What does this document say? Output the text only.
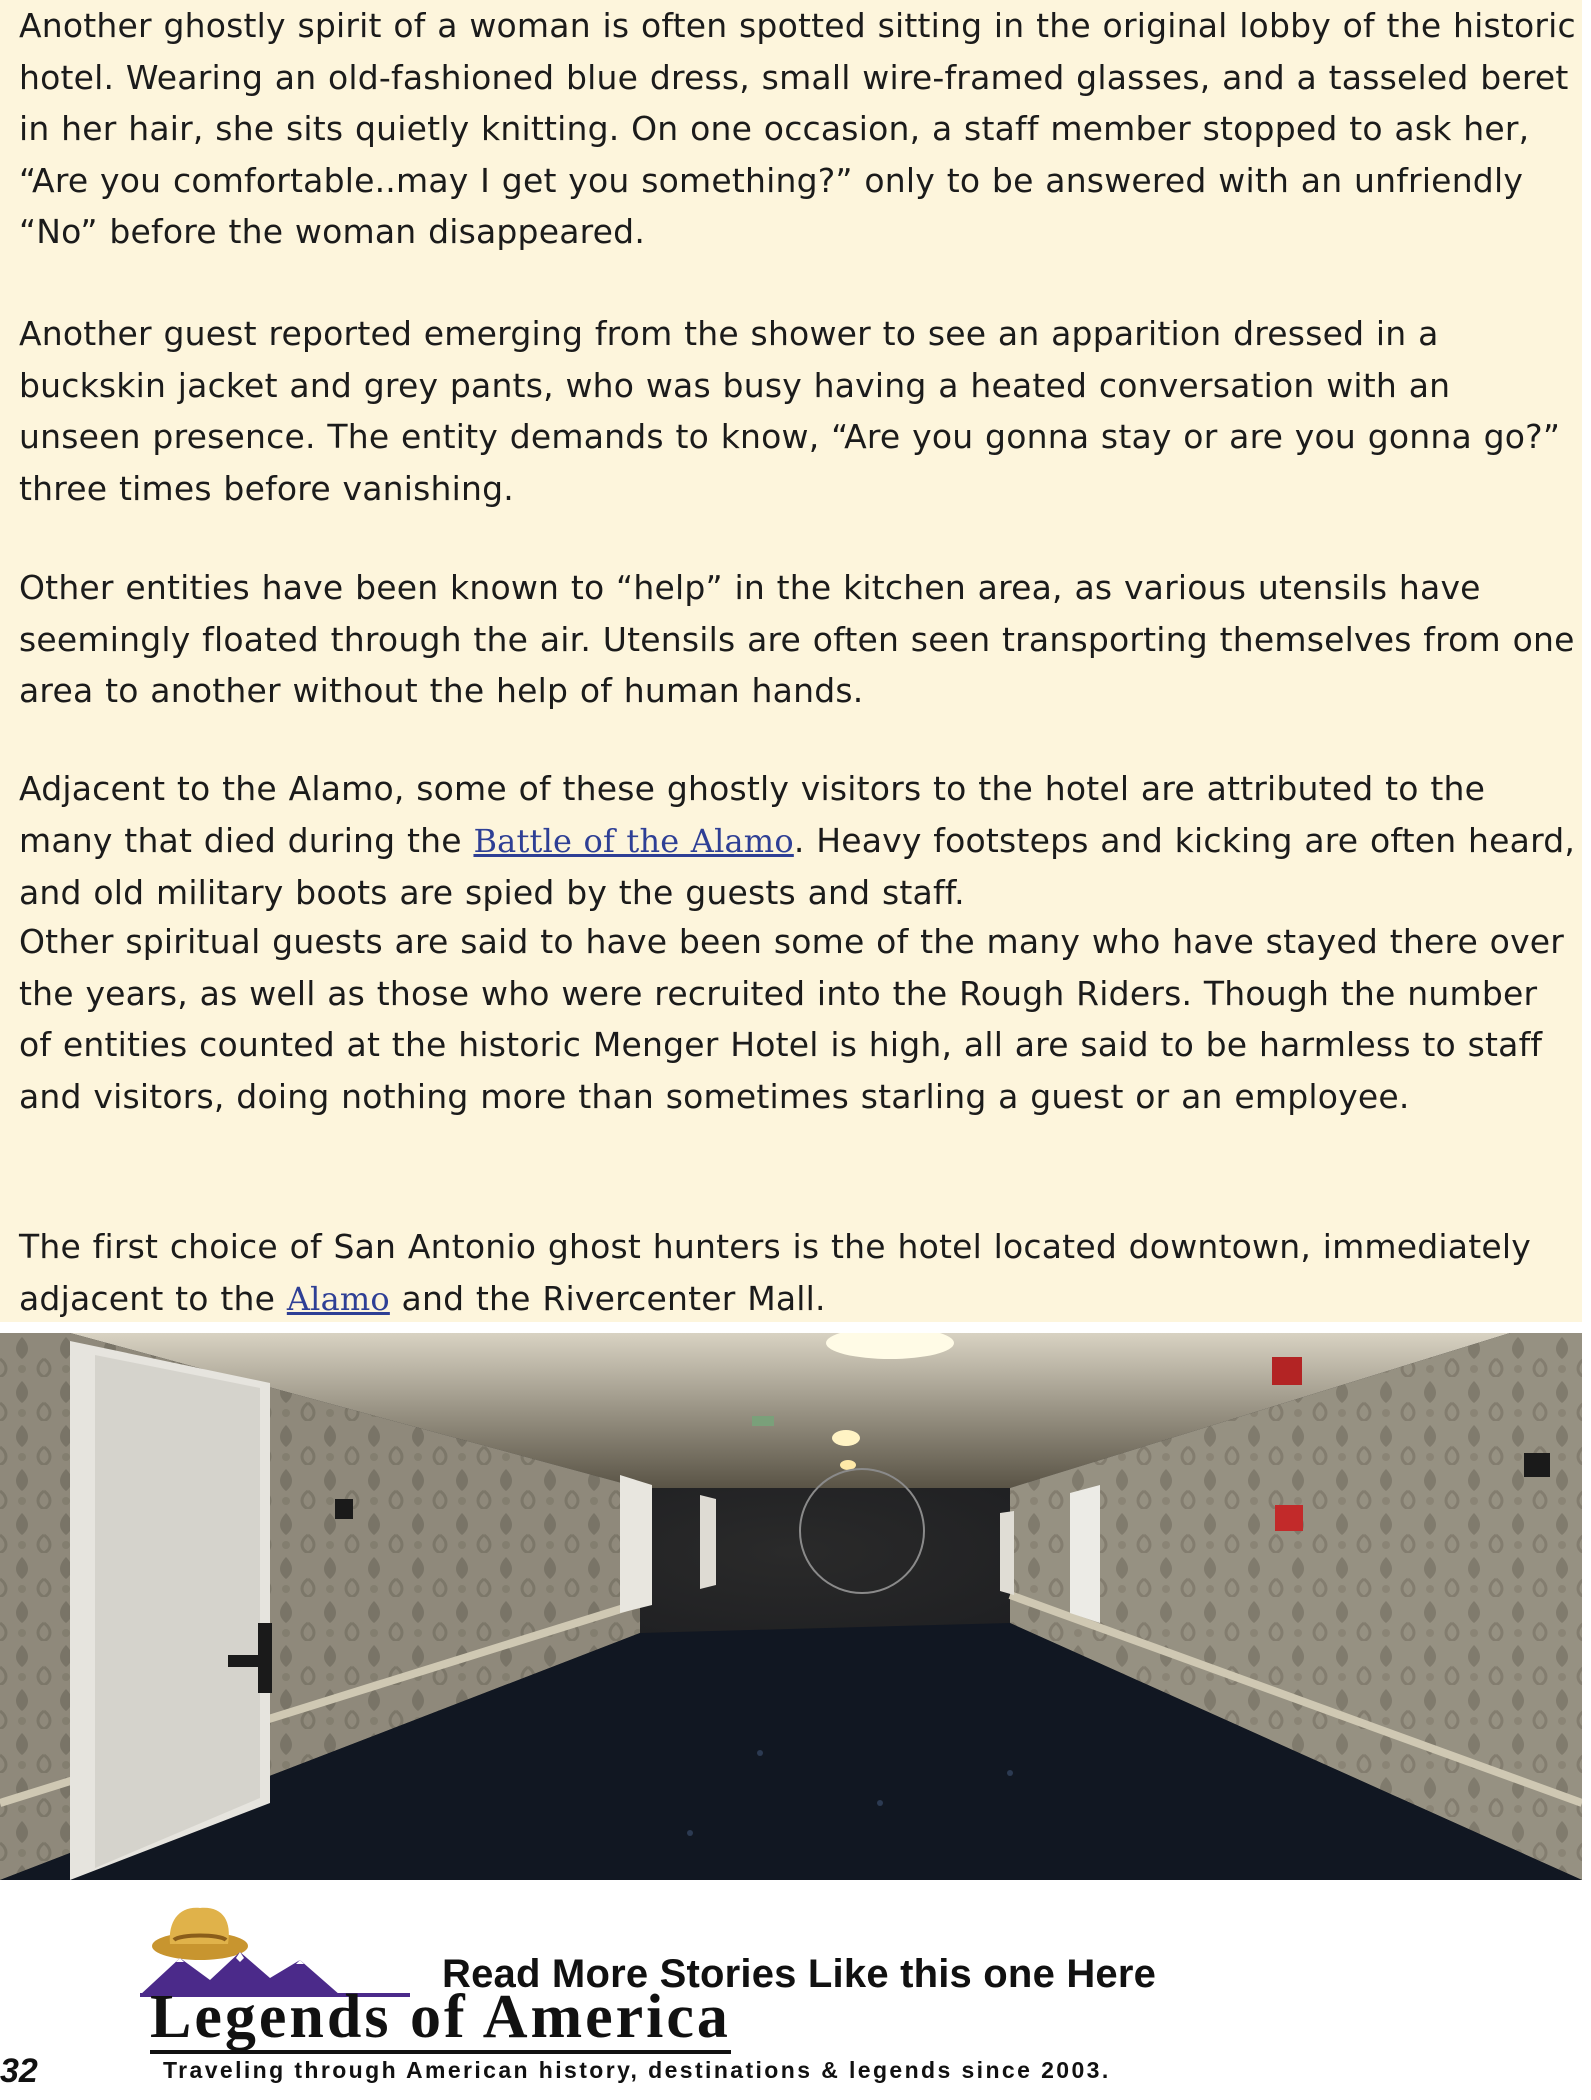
Another ghostly spirit of a woman is often spotted sitting in the original lobby of the historic hotel. Wearing an old-fashioned blue dress, small wire-framed glasses, and a tasseled beret in her hair, she sits quietly knitting. On one occasion, a staff member stopped to ask her, “Are you comfortable..may I get you something?” only to be answered with an unfriendly “No” before the woman disappeared.

Another guest reported emerging from the shower to see an apparition dressed in a buckskin jacket and grey pants, who was busy having a heated conversation with an unseen presence. The entity demands to know, “Are you gonna stay or are you gonna go?” three times before vanishing.

Other entities have been known to “help” in the kitchen area, as various utensils have seemingly floated through the air. Utensils are often seen transporting themselves from one area to another without the help of human hands.

Adjacent to the Alamo, some of these ghostly visitors to the hotel are attributed to the many that died during the Battle of the Alamo. Heavy footsteps and kicking are often heard, and old military boots are spied by the guests and staff.

Other spiritual guests are said to have been some of the many who have stayed there over the years, as well as those who were recruited into the Rough Riders. Though the number of entities counted at the historic Menger Hotel is high, all are said to be harmless to staff and visitors, doing nothing more than sometimes starling a guest or an employee.

The first choice of San Antonio ghost hunters is the hotel located downtown, immediately adjacent to the Alamo and the Rivercenter Mall.

Read More Stories Like this one Here
Legends of America
Traveling through American history, destinations & legends since 2003.
32
